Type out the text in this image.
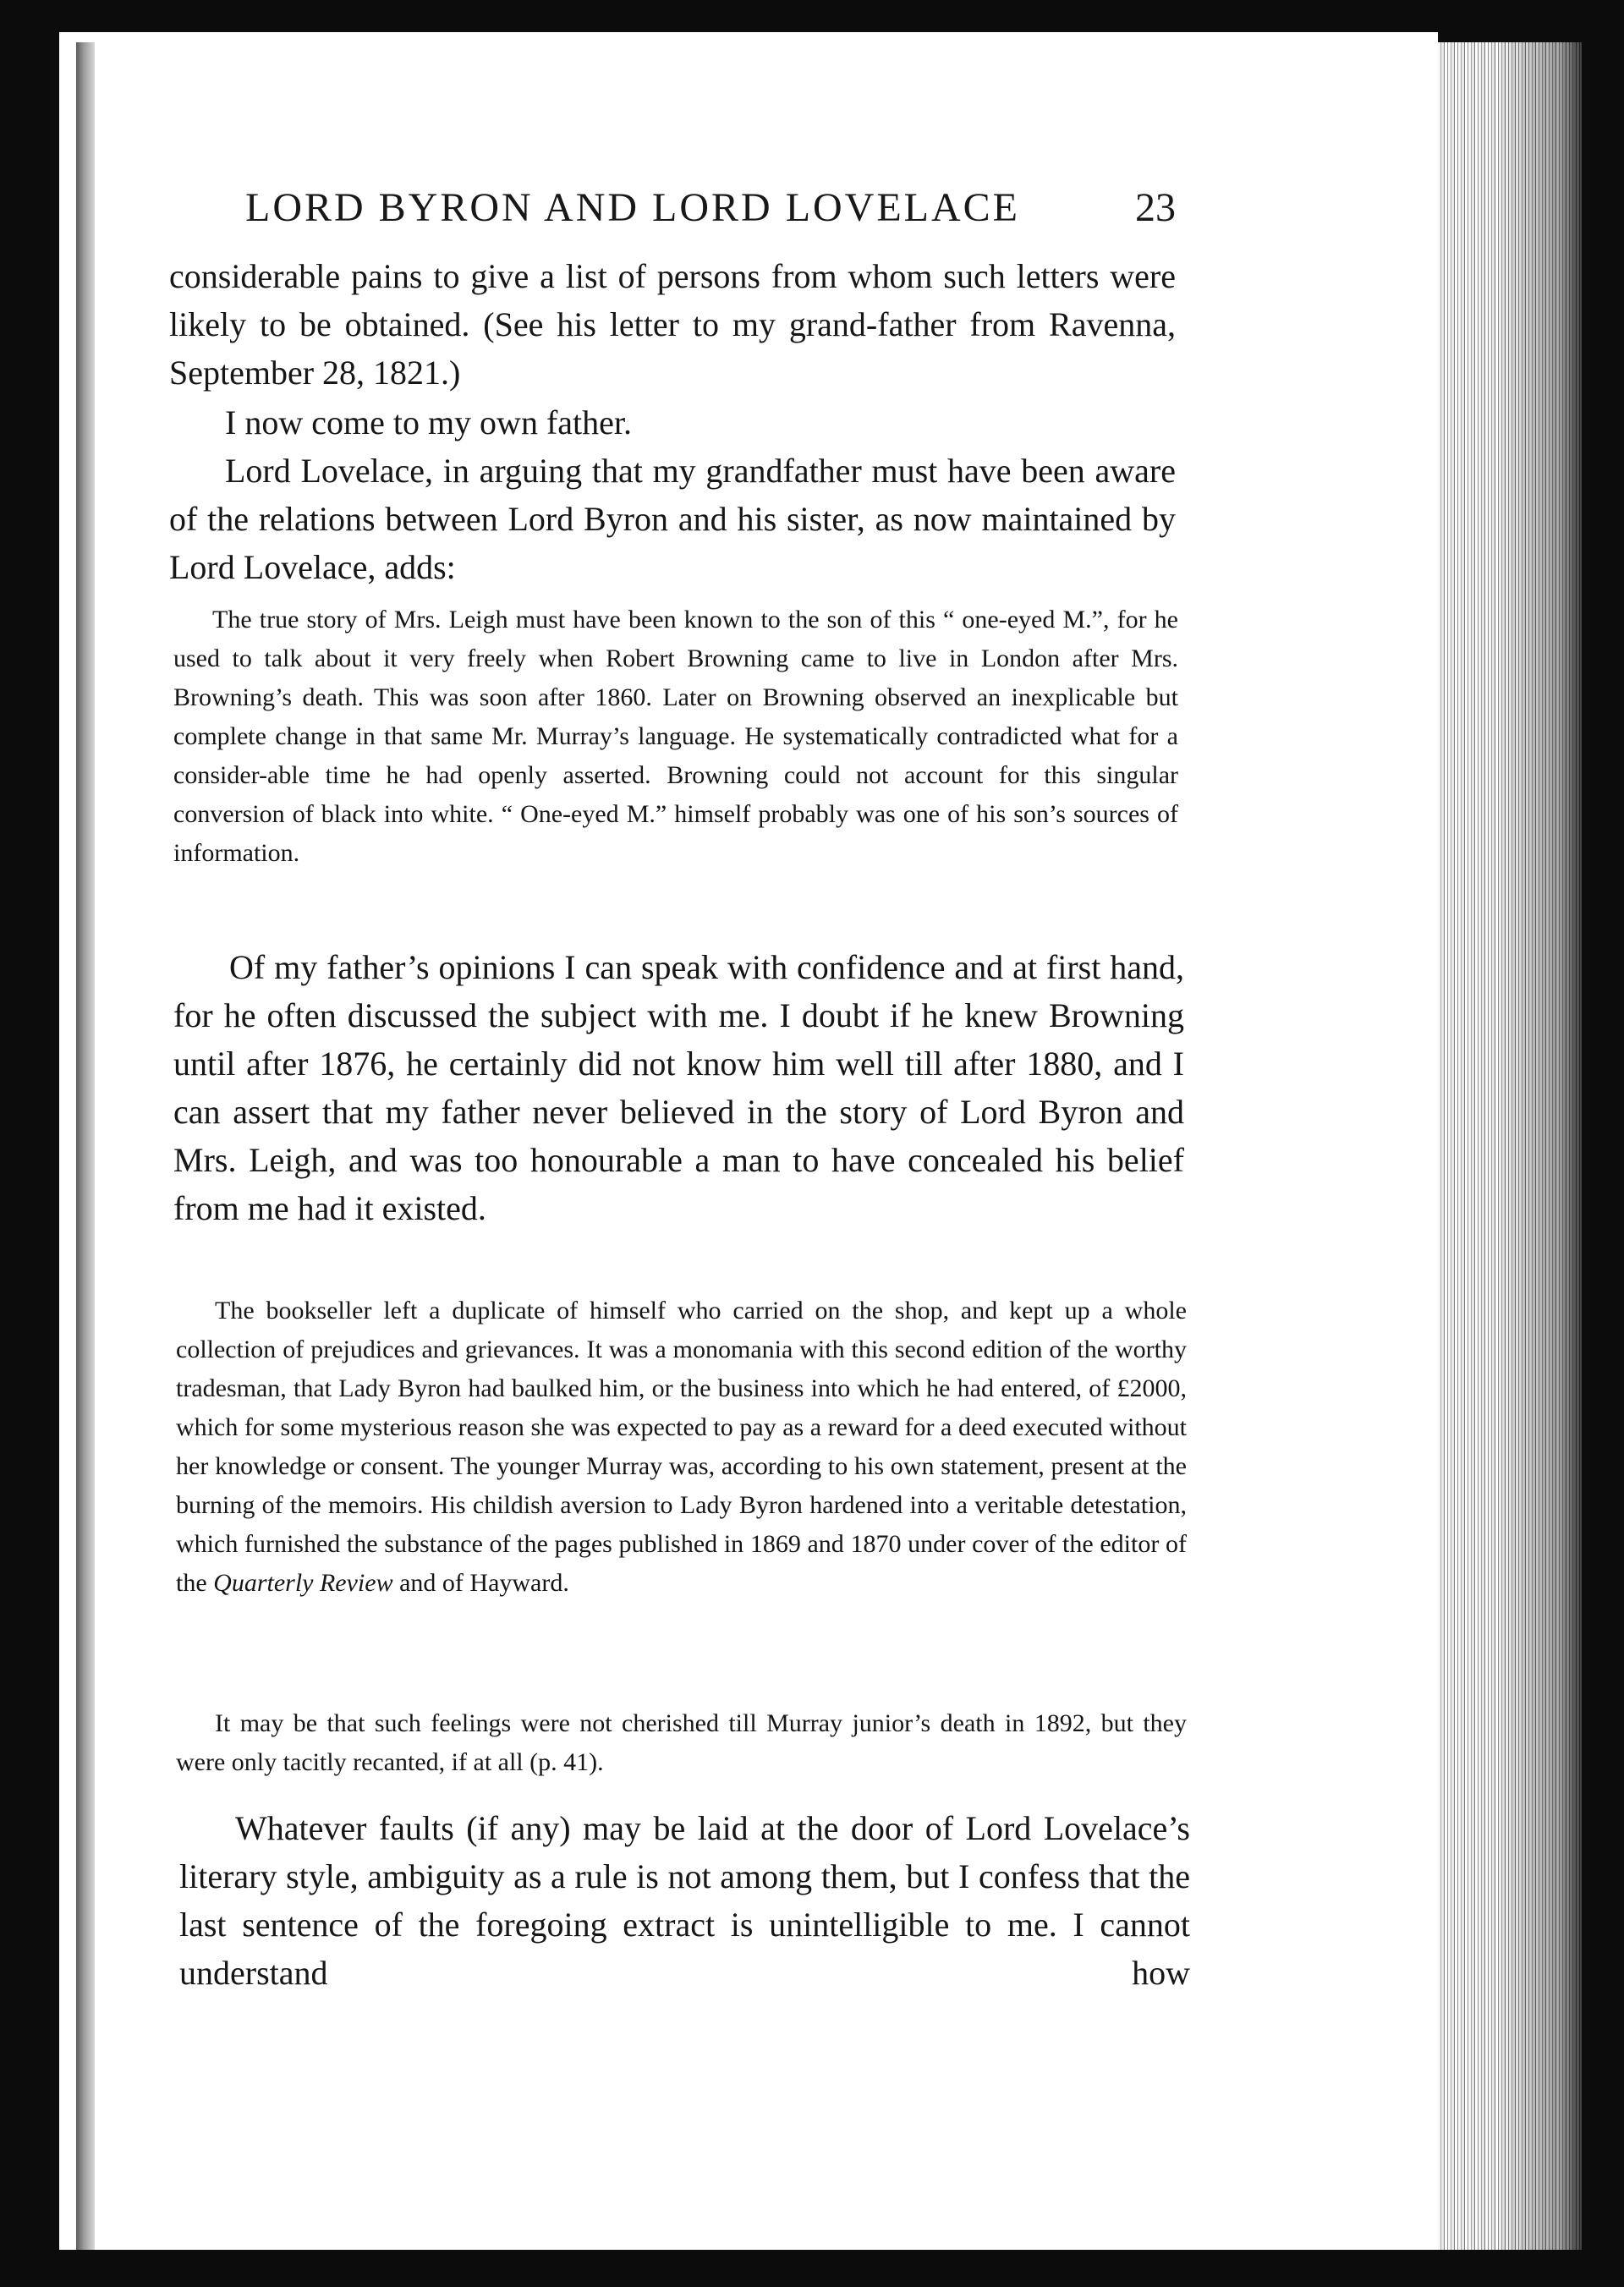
LORD BYRON AND LORD LOVELACE	23

considerable pains to give a list of persons from whom such letters were likely to be obtained. (See his letter to my grand-father from Ravenna, September 28, 1821.)

I now come to my own father.

Lord Lovelace, in arguing that my grandfather must have been aware of the relations between Lord Byron and his sister, as now maintained by Lord Lovelace, adds:

The true story of Mrs. Leigh must have been known to the son of this “ one-eyed M.”, for he used to talk about it very freely when Robert Browning came to live in London after Mrs. Browning’s death. This was soon after 1860. Later on Browning observed an inexplicable but complete change in that same Mr. Murray’s language. He systematically contradicted what for a consider-able time he had openly asserted. Browning could not account for this singular conversion of black into white. “ One-eyed M.” himself probably was one of his son’s sources of information.

Of my father’s opinions I can speak with confidence and at first hand, for he often discussed the subject with me. I doubt if he knew Browning until after 1876, he certainly did not know him well till after 1880, and I can assert that my father never believed in the story of Lord Byron and Mrs. Leigh, and was too honourable a man to have concealed his belief from me had it existed.

The bookseller left a duplicate of himself who carried on the shop, and kept up a whole collection of prejudices and grievances. It was a monomania with this second edition of the worthy tradesman, that Lady Byron had baulked him, or the business into which he had entered, of £2000, which for some mysterious reason she was expected to pay as a reward for a deed executed without her knowledge or consent. The younger Murray was, according to his own statement, present at the burning of the memoirs. His childish aversion to Lady Byron hardened into a veritable detestation, which furnished the substance of the pages published in 1869 and 1870 under cover of the editor of the Quarterly Review and of Hayward.

It may be that such feelings were not cherished till Murray junior’s death in 1892, but they were only tacitly recanted, if at all (p. 41).

Whatever faults (if any) may be laid at the door of Lord Lovelace’s literary style, ambiguity as a rule is not among them, but I confess that the last sentence of the foregoing extract is unintelligible to me. I cannot understand how
